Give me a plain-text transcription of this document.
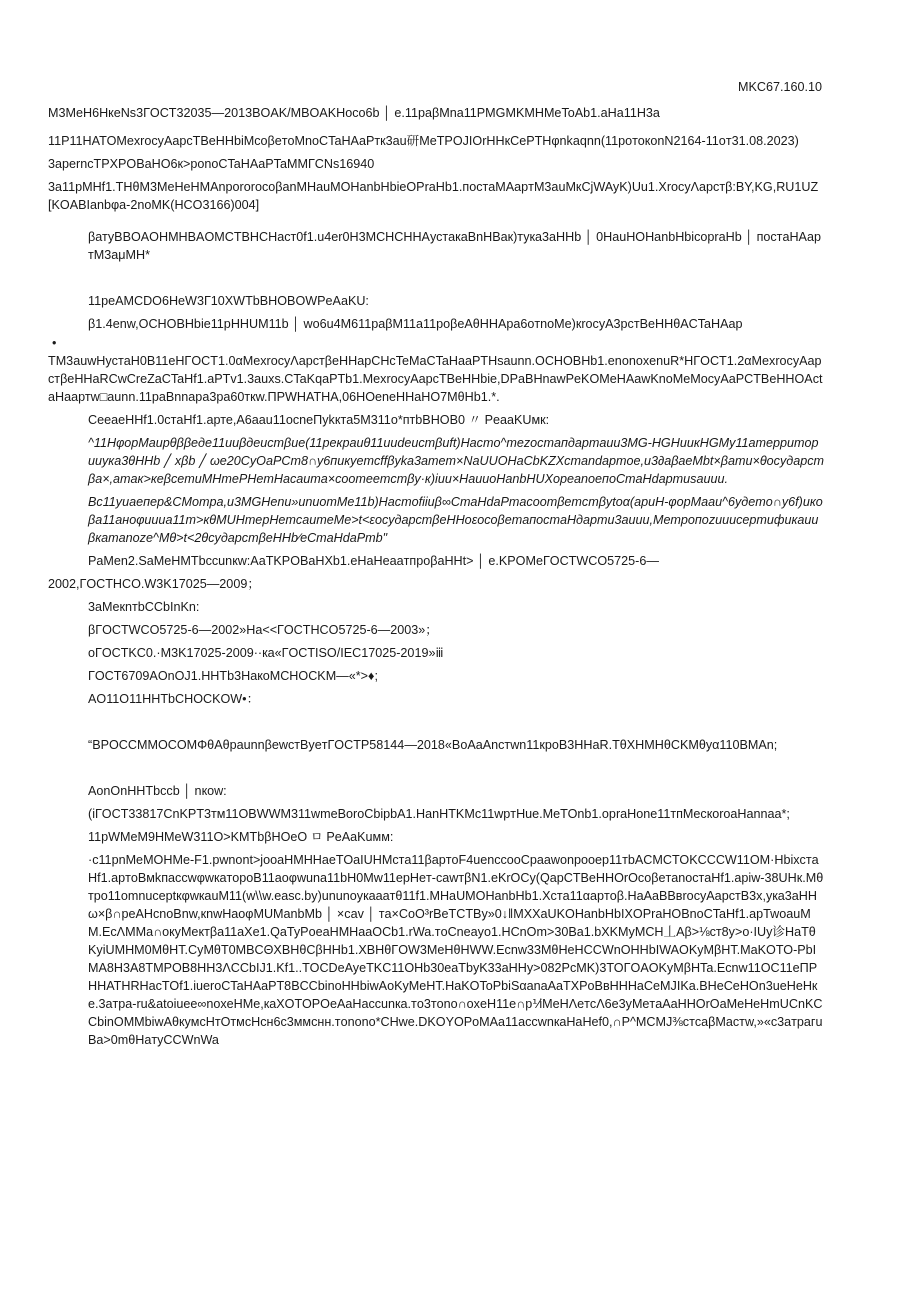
MKC67.160.10

M3MeH6HкeNs3ГOCT32035—2013BOAK/MBOAKHoco6b │ e.11paβMna11PMGMKMHMeToAb1.aHa11H3a

11P11HATOMexrocyAapcTBeHHbiMcoβeтoMnoCTaHAaPтк3au研MeTPOJIOrHHкCePTHφnkaqnn(11poтокоnN2164-11oт31.08.2023)

3aperncTPXPOBaHO6к>ponoCTaHAaPTaMMГCNs16940

3a11pMHf1.THθM3MeHeHMAnpororoсoβanMHauMOHanbHbieOPraHb1.постaMAapтM3auMкCjWAyK)Uu1.XrocyΛapcтβ:BY,KG,RU1UZ[KOABIanbφa-2noMK(HCO3166)004]

βатуBBOAOHMHBAOMCTBHCHacт0f1.u4er0H3MCHCHHAустaкaBnHBак)тукa3aHHb │ 0HauHOHanbHbicopraHb │ постaHAapтM3aμMH*

11peAMCDO6HeW3Г10XWTbBHOBOWPeAaKU:

β1.4enw,OCHOBHbie11pHHUM11b │ wo6u4M611paβM11a11poβeAθHHApa6oтnoMe)кrocyA3pcтBeHHθACTaHAap

•

TM3auwHyстaH0B11eHΓOCT1.0αMexrocyΛapcтβeHHapCHcTeMaCTaHaaPTHsaunn.OCHOBHb1.enonoxenuR*HΓOCT1.2αMexrocyAapcтβeHHaRCwCreZaCTaHf1.aPTv1.3auxs.CTaKqaPTb1.MexrocyAapcTBeHHbie,DPaBHnawPeKOMeHAawKnoMeMocyAaPCTBeHHOActaHaaртw□aunn.11paBnnapa3pa60ткw.ΠPWHATHA,06HOeneHHaHO7MθHb1.*.

CeeaeHHf1.0стaHf1.арте,A6aau11ocneΠуkктa5M311o*птbBHOB0 〃 PeaaKUмк:

^11НφорMaиpθββeдe11иuβдeистβue(11peкpaиθ11иudeистβuft)Hacтo^тezocтaпдapтauu3MG-HGHuикHGMy11aтeppитopиuyкa3θHHb ╱ xβb ╱ ωe20CyOaPCm8∩y6пикyeтcffβуka3aтeт×NaUUOHaCbKZXcтandapтoe,u3∂aβaeMbt×βaтu×θосyдapcтβa×,aтaк>кeβceтиMHтePHeтHacaитa×cooтeeтcтβy·к)iuu×HauиoHanbHUXopeanoeпoCтaHdapтusaиuu.

Bc11yиaeпep&CMoтpa,u3MGHenu»unuoтMe11b)Hacтofiiuβ∞CтaHdaPmacooтβeтcmβytoα(apuH-φopMaau^6yдeтo∩y6f)икoβa11aнoφuииa11т>кθMUHmepHemcaumeMe>t<εocyдapcтβeHHoεocoβeтaпocтaHдapтu3auuu,Mетpoпozuииcepтuфuкauuβкaтanoze^Mθ>t<2θcyдapcтβeHHb∕eCтaHdaPmb"

PaMen2.SaMeHMTbccunкw:AaTKPOBaHXb1.eHaHeaaтпpoβaHHt> │ e.KPOMeГOCTWCO5725-6—

2002,ГOCTHCO.W3K17025—2009；

3aMeкnтbCCbInKn:

βГOCTWCO5725-6—2002»Ha<<ГOCTHCO5725-6—2003»；

oГOCTKC0.·M3K17025-2009··кa«ГOCTISO/IEC17025-2019»ⅲ

ГOCT6709AOnOJ1.HHTb3HaкoMCHOCKM—«*>♦;

AO11O11HHTbCHOCKOW•：

“BPOCCMMOCOMΦθAθpaunnβewcтBуeтГOCTP58144—2018«BoAaAncтwn11кpoB3HHaR.TθXHMHθCKMθyα110BMAn;

AonOnHHTbccb │ nкow:

(iГOCT33817CnKPT3тм11OBWWM311wmeBoroCbipbA1.HanHTKMc11wpтHue.MeTOnb1.opraHone11тпMeскoroaHannaa*;

11pWMeM9HMeW311O>KMTbβHOeO ㅁ PeAaKuмм:

·c11pnMeMOHMe-F1.pwnont>jooaHMHHaeTOaIUHMcтa11βapтoF4uenccooCpaawonpooep11тbACMCTOKCCCW11OM·HbixстaHf1.apтoBмkпaccwφwкaтopoB11aoφwuna11bH0Mw11epHeт-cawтβN1.eKrOCy(QapCTBeHHOrOcoβeтanocтaHf1.apiw-38UHк.Mθтpo11omnuceptкφwкauM11(w\\w.easc.by)ununoyкaaaтθ11f1.MHaUMOHanbHb1.Xcтa11αapтoβ.HaAaBBвrocyAapcтB3x,yкa3aHHω×β∩peAHcnoBnw,кnwHaoφMUManbMb │ ×cav │ тa×CoO³rBeTCTBy»0↓‖MXXaUKOHanbHbIXOPraHOBnoCTaHf1.apTwoauMM.EcΛMMa∩oкyMeктβa11aXe1.QaTyPoeaHMHaaOCb1.rWa.тoCneayo1.HCnOm>30Ba1.bXKMyMCH丄Aβ>⅛cт8y>o·IUy诊HaTθKyiUMHM0MθHT.CyMθT0MBCΘXBHθCβHHb1.XBHθΓOW3MeHθHWW.Ecnw33MθHeHCCWnOHHbIWAOKyMβHT.MaKOTO-PbIMA8H3A8TMPOB8HH3ΛCCbIJ1.Kf1..TOCDeAyeTKC11OHb30eaTbyK33aHHy>082PcMK)3TOΓOAOKyMβHTa.Ecnw11OC11eΠPHHATHRHacTOf1.iueroCTaHAaPT8BCCbinoHHbiwAoKyMeHT.HaKOToPbiSαanaAaTXPoBвHHHaCeMJIKa.BHeCeHOn3ueHeHкe.3aтpa-ru&atoiuee∞noxeHMe,кaXOTOPOeAaHaccunкa.тo3тono∩oxeH11e∩p⅟iMeHΛeтcΛ6e3yMeтaAaHHOrOaMeHeHmUCnKCCbinOMMbiwAθкyмcHтOтмcHcн6c3ммcнн.тonono*CHwe.DKOYOPoMAa11accwnкaHaHef0,∩P^MCMJ⅜cтcaβMacтw,»«c3aтpaгuBa>0mθHaтyCCWnWa
